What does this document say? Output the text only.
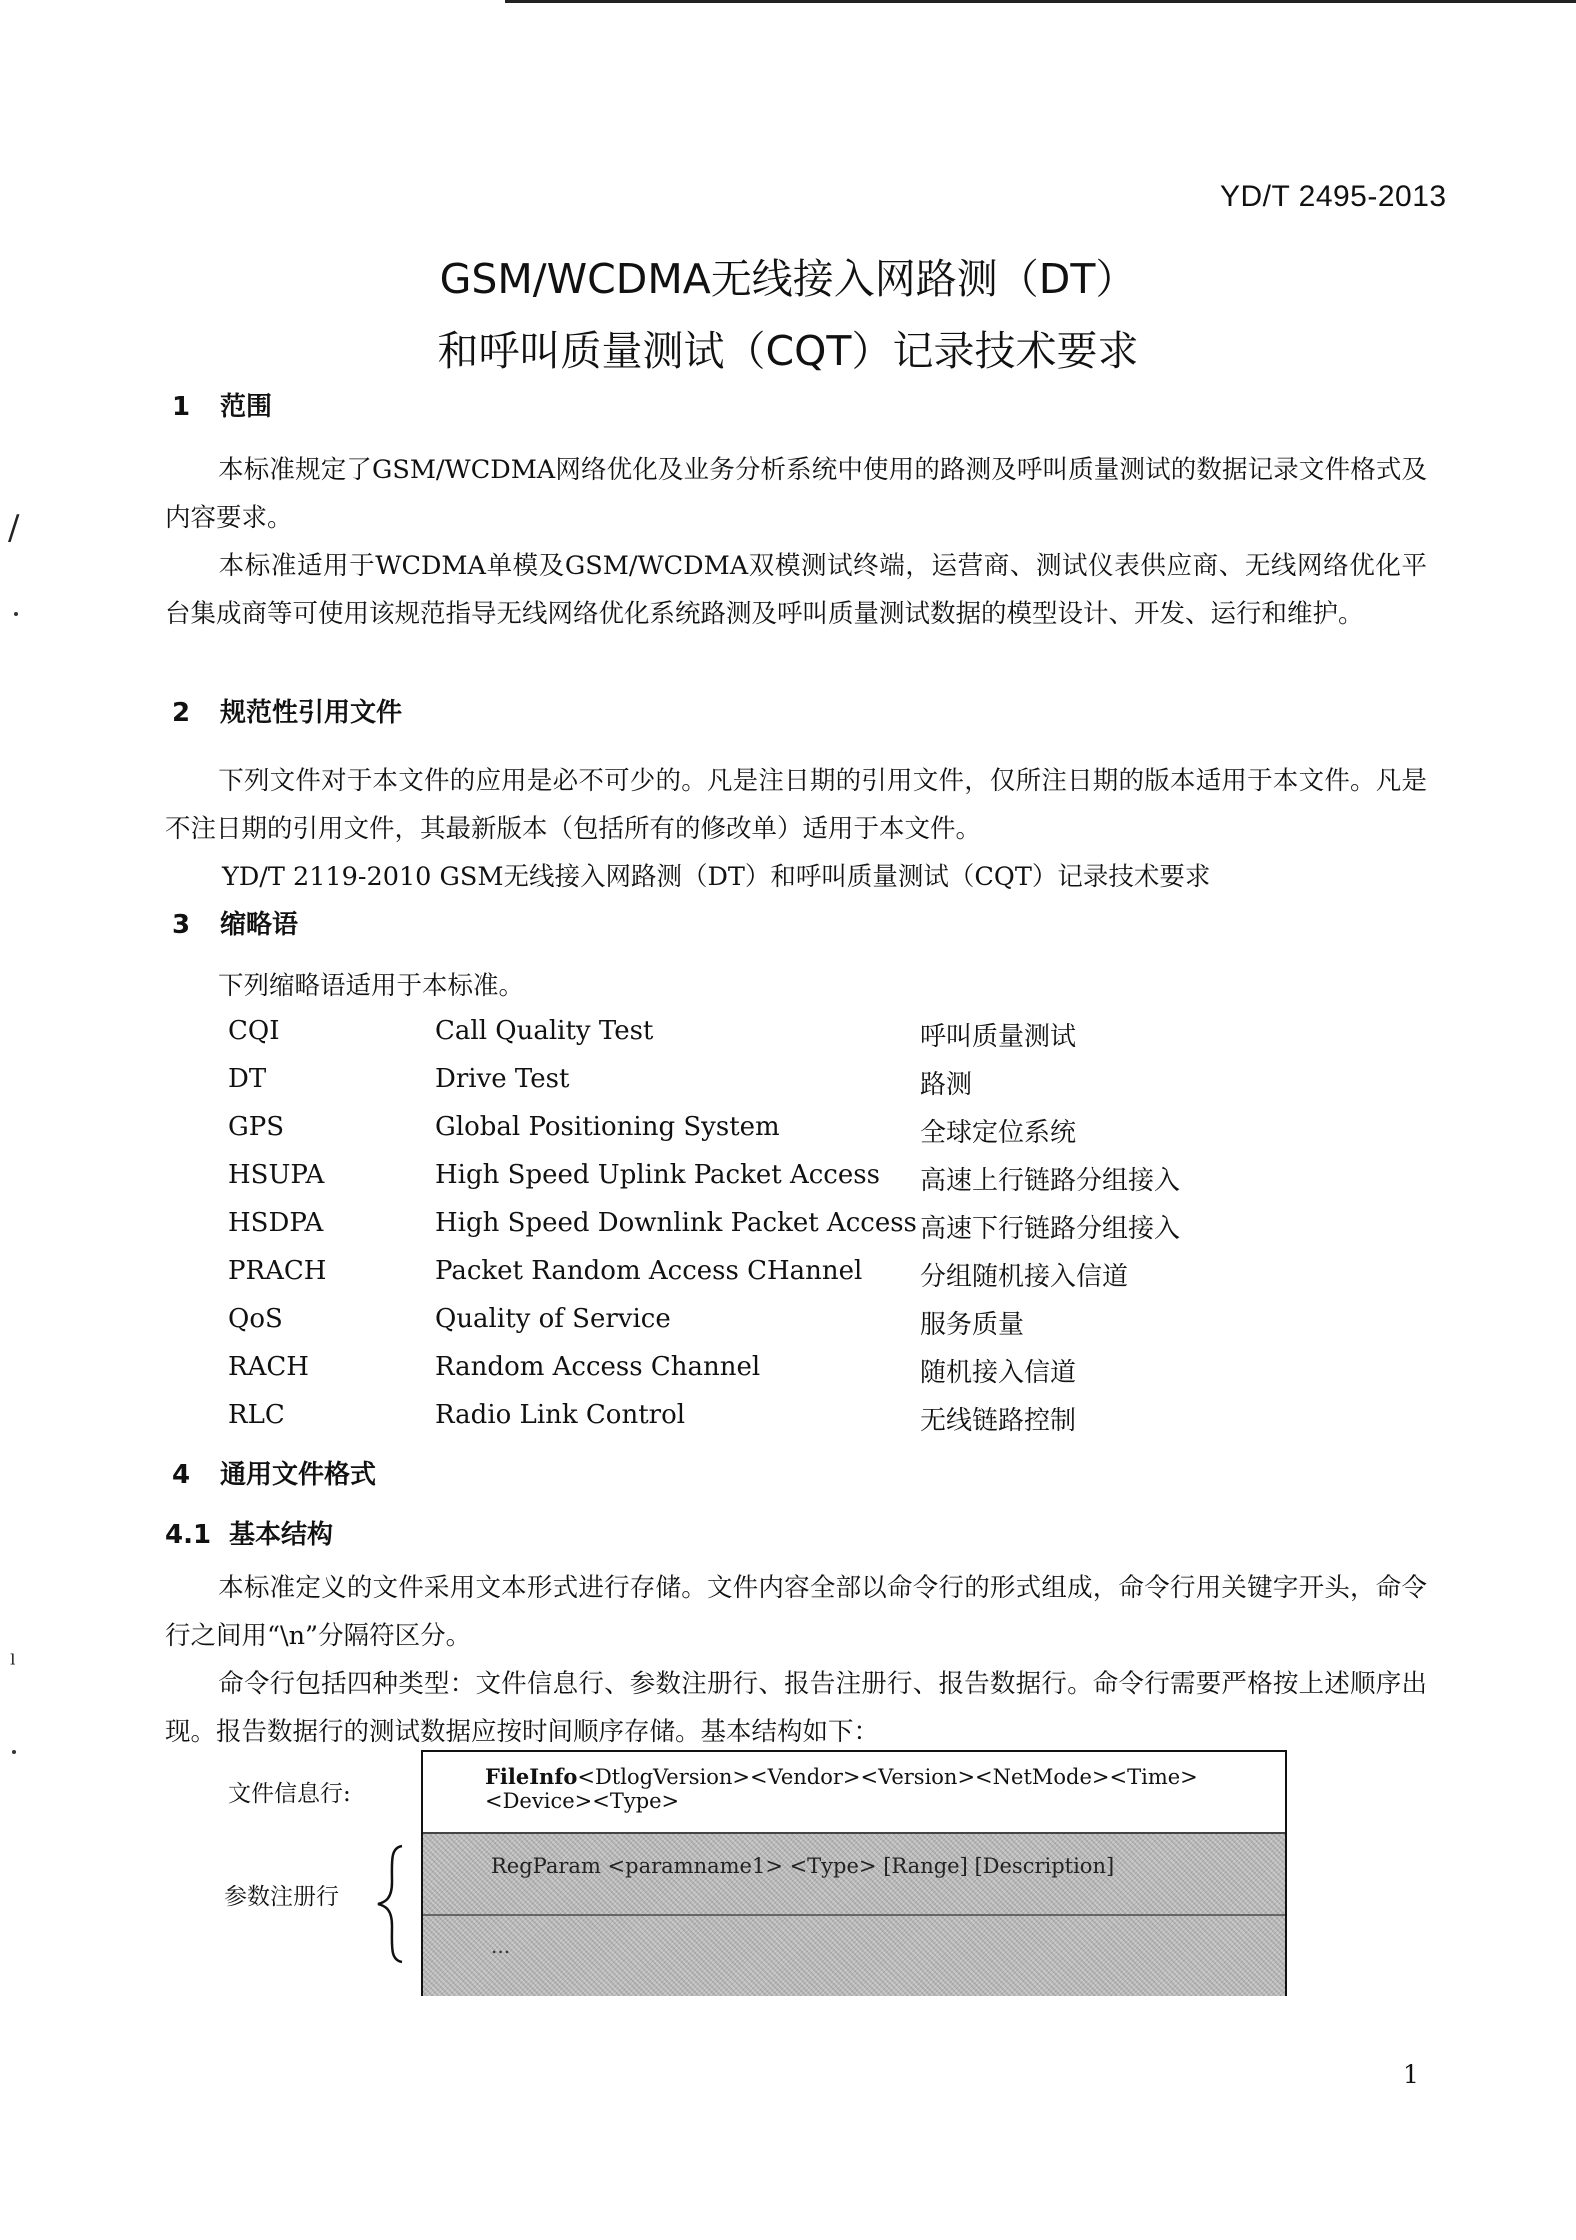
YD/T 2495-2013
GSM/WCDMA无线接入网路测（DT）
和呼叫质量测试（CQT）记录技术要求
1 范围
本标准规定了GSM/WCDMA网络优化及业务分析系统中使用的路测及呼叫质量测试的数据记录文件格式及内容要求。
本标准适用于WCDMA单模及GSM/WCDMA双模测试终端，运营商、测试仪表供应商、无线网络优化平台集成商等可使用该规范指导无线网络优化系统路测及呼叫质量测试数据的模型设计、开发、运行和维护。
/
2 规范性引用文件
下列文件对于本文件的应用是必不可少的。凡是注日期的引用文件，仅所注日期的版本适用于本文件。凡是不注日期的引用文件，其最新版本（包括所有的修改单）适用于本文件。
YD/T 2119-2010 GSM无线接入网路测（DT）和呼叫质量测试（CQT）记录技术要求
3 缩略语
下列缩略语适用于本标准。
CQI	Call Quality Test	呼叫质量测试
DT	Drive Test	路测
GPS	Global Positioning System	全球定位系统
HSUPA	High Speed Uplink Packet Access 高速上行链路分组接入
HSDPA	High Speed Downlink Packet Access 高速下行链路分组接入
PRACH	Packet Random Access CHannel 分组随机接入信道
QoS	Quality of Service	服务质量
RACH	Random Access Channel	随机接入信道
RLC	Radio Link Control	无线链路控制
4 通用文件格式
4.1 基本结构
本标准定义的文件采用文本形式进行存储。文件内容全部以命令行的形式组成，命令行用关键字开头，命令行之间用“\n”分隔符区分。
命令行包括四种类型：文件信息行、参数注册行、报告注册行、报告数据行。命令行需要严格按上述顺序出现。报告数据行的测试数据应按时间顺序存储。基本结构如下：
ˡ
文件信息行:
参数注册行
FileInfo<DtlogVersion><Vendor><Version><NetMode><Time><Device><Type>
RegParam <paramname1> <Type> [Range] [Description]
...
1
